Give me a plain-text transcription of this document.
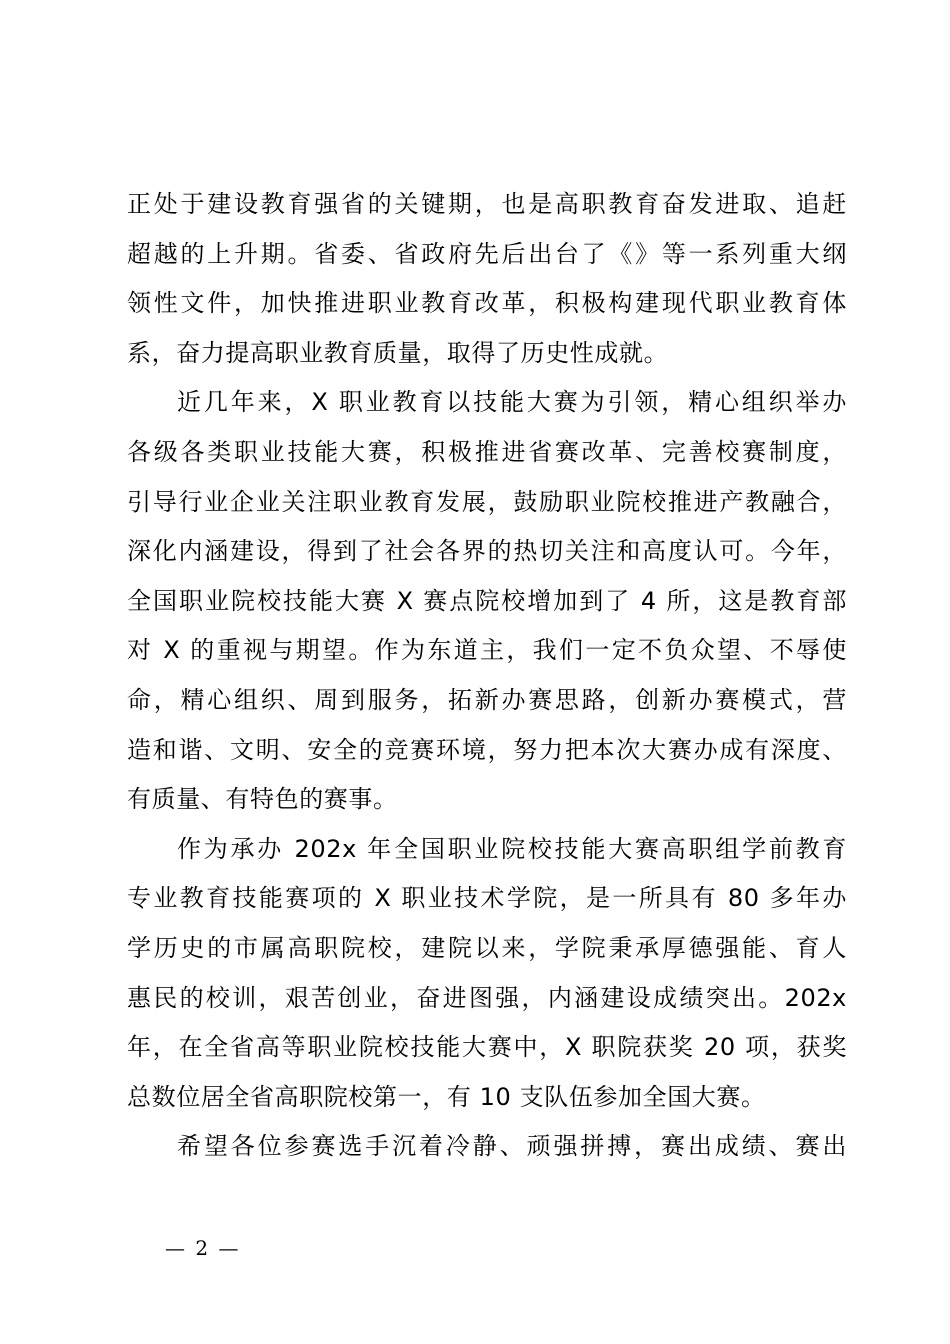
正处于建设教育强省的关键期，也是高职教育奋发进取、追赶
超越的上升期。省委、省政府先后出台了《》等一系列重大纲
领性文件，加快推进职业教育改革，积极构建现代职业教育体
系，奋力提高职业教育质量，取得了历史性成就。
近几年来，X 职业教育以技能大赛为引领，精心组织举办
各级各类职业技能大赛，积极推进省赛改革、完善校赛制度，
引导行业企业关注职业教育发展，鼓励职业院校推进产教融合，
深化内涵建设，得到了社会各界的热切关注和高度认可。今年，
全国职业院校技能大赛 X 赛点院校增加到了 4 所，这是教育部
对 X 的重视与期望。作为东道主，我们一定不负众望、不辱使
命，精心组织、周到服务，拓新办赛思路，创新办赛模式，营
造和谐、文明、安全的竞赛环境，努力把本次大赛办成有深度、
有质量、有特色的赛事。
作为承办 202x 年全国职业院校技能大赛高职组学前教育
专业教育技能赛项的 X 职业技术学院，是一所具有 80 多年办
学历史的市属高职院校，建院以来，学院秉承厚德强能、育人
惠民的校训，艰苦创业，奋进图强，内涵建设成绩突出。202x
年，在全省高等职业院校技能大赛中，X 职院获奖 20 项，获奖
总数位居全省高职院校第一，有 10 支队伍参加全国大赛。
希望各位参赛选手沉着冷静、顽强拼搏，赛出成绩、赛出
— 2 —
